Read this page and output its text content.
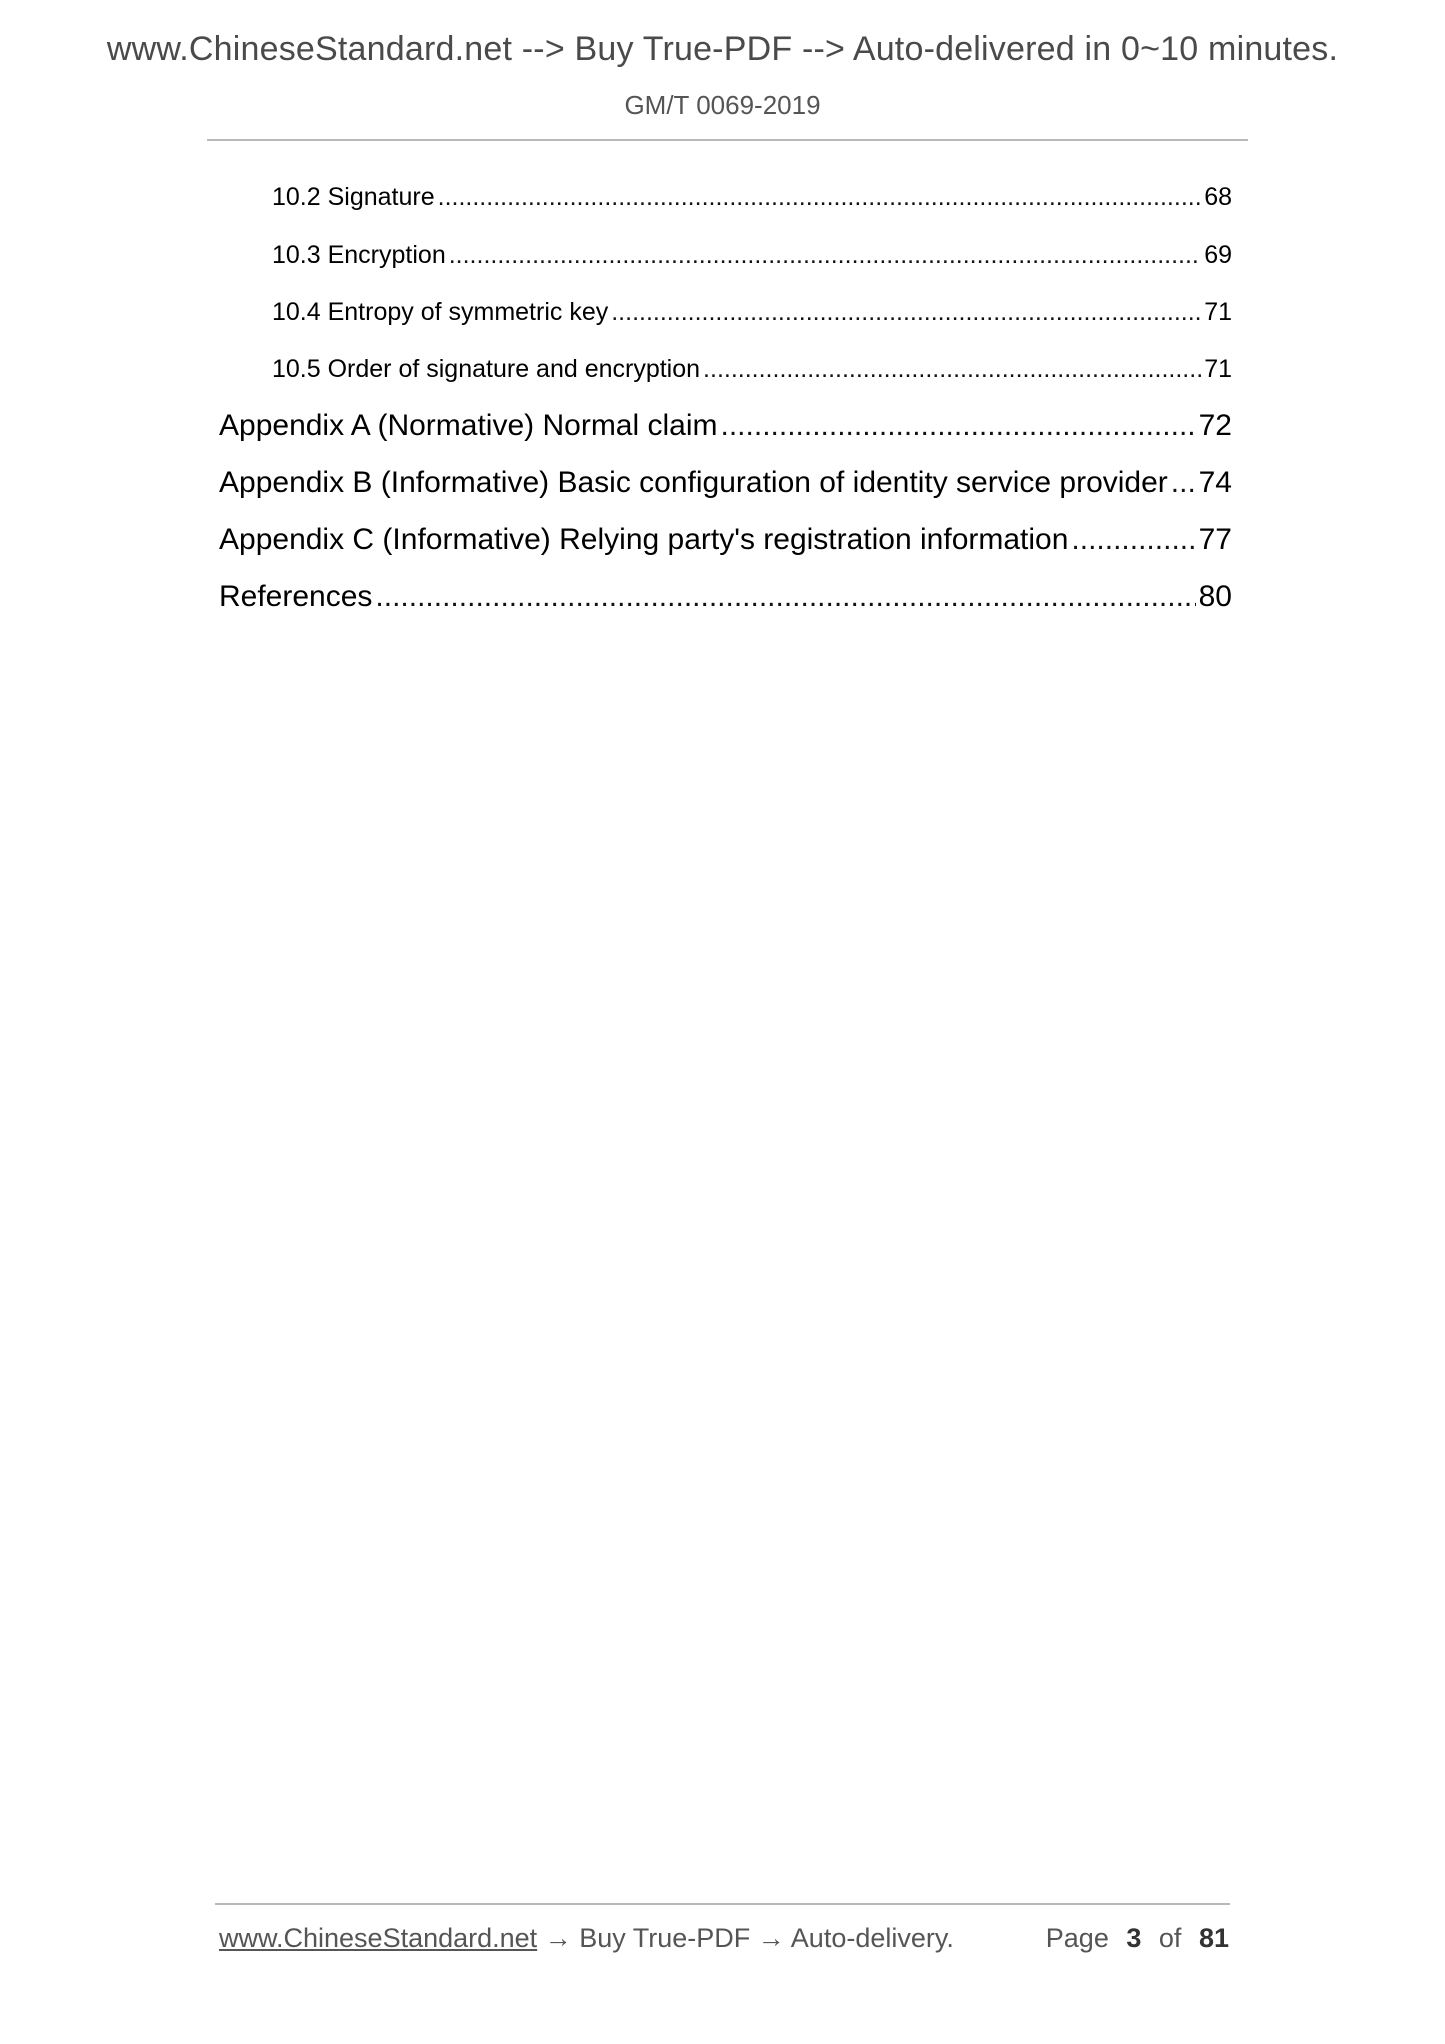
www.ChineseStandard.net --> Buy True-PDF --> Auto-delivered in 0~10 minutes.
GM/T 0069-2019
10.2 Signature .....	68
10.3 Encryption .....	69
10.4 Entropy of symmetric key .....	71
10.5 Order of signature and encryption .....	71
Appendix A (Normative) Normal claim .....	72
Appendix B (Informative) Basic configuration of identity service provider ..... 74
Appendix C (Informative) Relying party's registration information .....	77
References .....	80
www.ChineseStandard.net → Buy True-PDF → Auto-delivery.	Page 3 of 81
